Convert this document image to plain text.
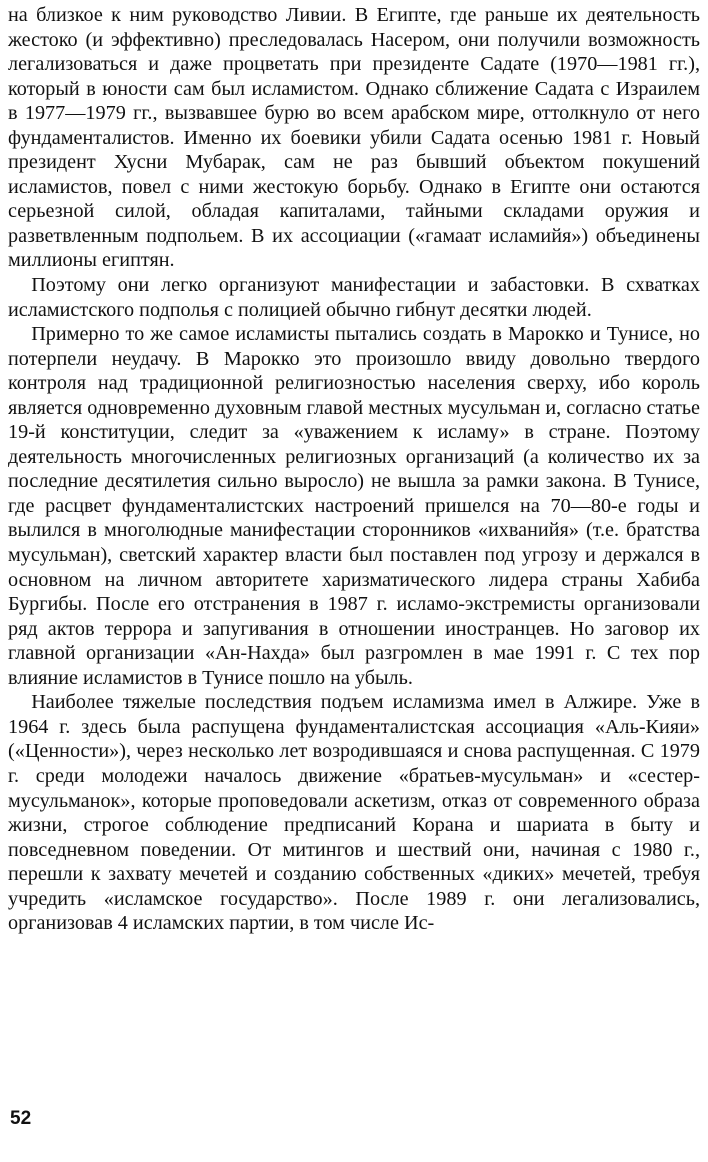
на близкое к ним руководство Ливии. В Египте, где раньше их деятельность жестоко (и эффективно) преследовалась Насером, они получили возможность легализоваться и даже процветать при президенте Садате (1970—1981 гг.), который в юности сам был исламистом. Однако сближение Садата с Израилем в 1977—1979 гг., вызвавшее бурю во всем арабском мире, оттолкнуло от него фундаменталистов. Именно их боевики убили Садата осенью 1981 г. Новый президент Хусни Мубарак, сам не раз бывший объектом покушений исламистов, повел с ними жестокую борьбу. Однако в Египте они остаются серьезной силой, обладая капиталами, тайными складами оружия и разветвленным подпольем. В их ассоциации («гамаат исламийя») объединены миллионы египтян.

Поэтому они легко организуют манифестации и забастовки. В схватках исламистского подполья с полицией обычно гибнут десятки людей.

Примерно то же самое исламисты пытались создать в Марокко и Тунисе, но потерпели неудачу. В Марокко это произошло ввиду довольно твердого контроля над традиционной религиозностью населения сверху, ибо король является одновременно духовным главой местных мусульман и, согласно статье 19-й конституции, следит за «уважением к исламу» в стране. Поэтому деятельность многочисленных религиозных организаций (а количество их за последние десятилетия сильно выросло) не вышла за рамки закона. В Тунисе, где расцвет фундаменталистских настроений пришелся на 70—80-е годы и вылился в многолюдные манифестации сторонников «ихванийя» (т.е. братства мусульман), светский характер власти был поставлен под угрозу и держался в основном на личном авторитете харизматического лидера страны Хабиба Бургибы. После его отстранения в 1987 г. исламо-экстремисты организовали ряд актов террора и запугивания в отношении иностранцев. Но заговор их главной организации «Ан-Нахда» был разгромлен в мае 1991 г. С тех пор влияние исламистов в Тунисе пошло на убыль.

Наиболее тяжелые последствия подъем исламизма имел в Алжире. Уже в 1964 г. здесь была распущена фундаменталистская ассоциация «Аль-Кияи» («Ценности»), через несколько лет возродившаяся и снова распущенная. С 1979 г. среди молодежи началось движение «братьев-мусульман» и «сестер-мусульманок», которые проповедовали аскетизм, отказ от современного образа жизни, строгое соблюдение предписаний Корана и шариата в быту и повседневном поведении. От митингов и шествий они, начиная с 1980 г., перешли к захвату мечетей и созданию собственных «диких» мечетей, требуя учредить «исламское государство». После 1989 г. они легализовались, организовав 4 исламских партии, в том числе Ис-

52
